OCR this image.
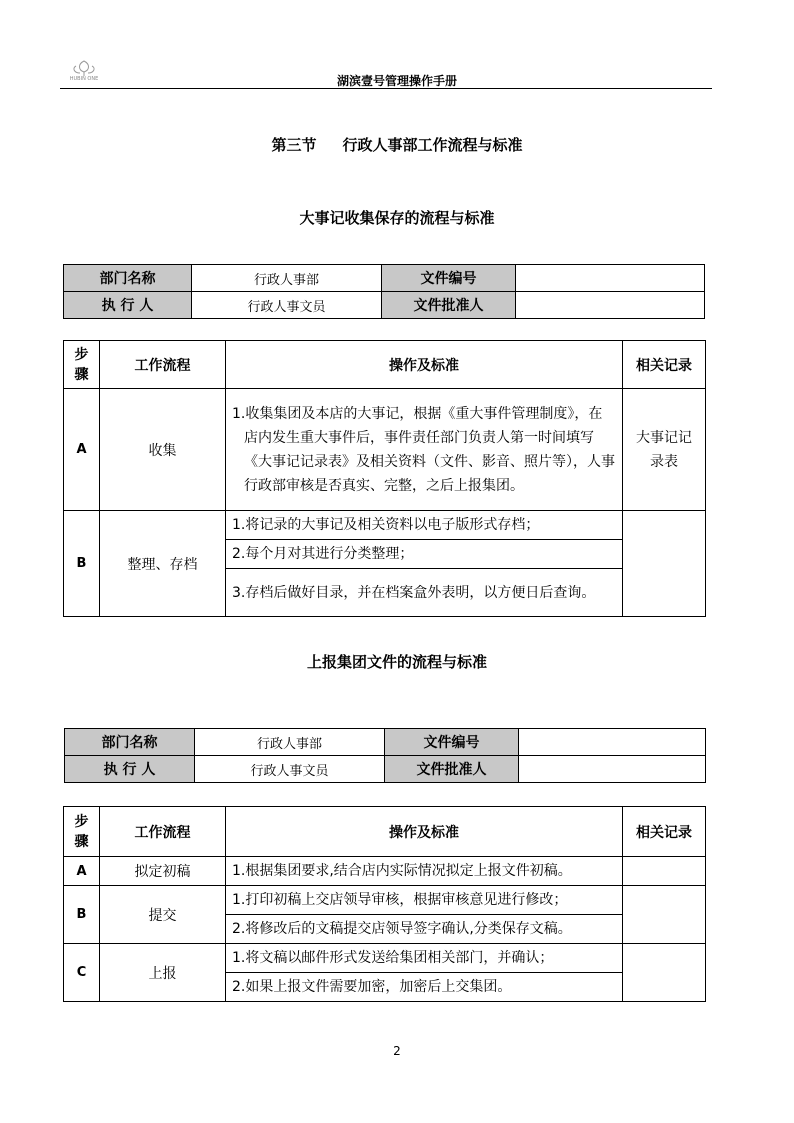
HUBIN ONE	湖滨壹号管理操作手册
第三节 行政人事部工作流程与标准
大事记收集保存的流程与标准
部门名称	行政人事部	文件编号	
执 行 人	行政人事文员	文件批准人	
步骤	工作流程	操作及标准	相关记录
A	收集	1.收集集团及本店的大事记，根据《重大事件管理制度》，在店内发生重大事件后，事件责任部门负责人第一时间填写《大事记记录表》及相关资料（文件、影音、照片等），人事行政部审核是否真实、完整，之后上报集团。	大事记记录表
B	整理、存档	1.将记录的大事记及相关资料以电子版形式存档；	

		2.每个月对其进行分类整理；	

		3.存档后做好目录，并在档案盒外表明，以方便日后查询。	
上报集团文件的流程与标准
部门名称	行政人事部	文件编号	
执 行 人	行政人事文员	文件批准人	
步骤	工作流程	操作及标准	相关记录
A	拟定初稿	1.根据集团要求,结合店内实际情况拟定上报文件初稿。	

B	提交	1.打印初稿上交店领导审核，根据审核意见进行修改；	

		2.将修改后的文稿提交店领导签字确认,分类保存文稿。	

C	上报	1.将文稿以邮件形式发送给集团相关部门，并确认；	

		2.如果上报文件需要加密，加密后上交集团。	
2
